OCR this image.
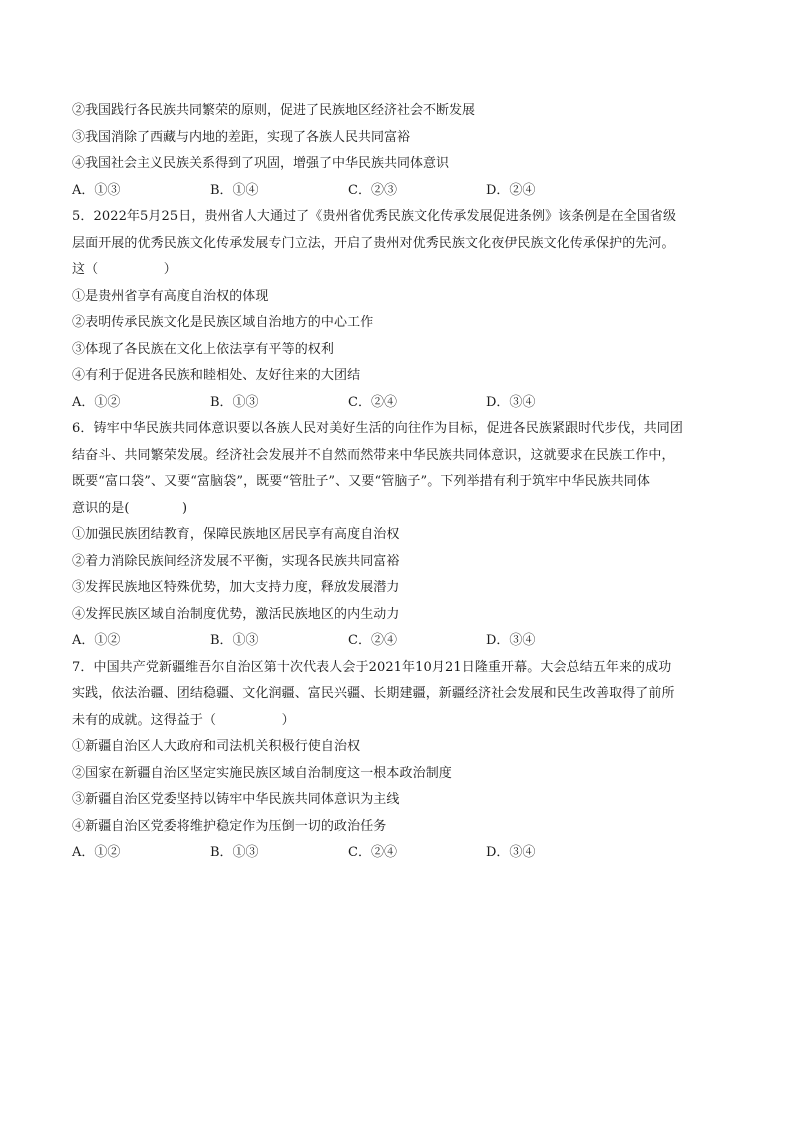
②我国践行各民族共同繁荣的原则，促进了民族地区经济社会不断发展
③我国消除了西藏与内地的差距，实现了各族人民共同富裕
④我国社会主义民族关系得到了巩固，增强了中华民族共同体意识
A．①③	B．①④	C．②③	D．②④
5．2022年5月25日，贵州省人大通过了《贵州省优秀民族文化传承发展促进条例》该条例是在全国省级
层面开展的优秀民族文化传承发展专门立法，开启了贵州对优秀民族文化夜伊民族文化传承保护的先河。
这（　　　　　）
①是贵州省享有高度自治权的体现
②表明传承民族文化是民族区域自治地方的中心工作
③体现了各民族在文化上依法享有平等的权利
④有利于促进各民族和睦相处、友好往来的大团结
A．①②	B．①③	C．②④	D．③④
6．铸牢中华民族共同体意识要以各族人民对美好生活的向往作为目标，促进各民族紧跟时代步伐，共同团
结奋斗、共同繁荣发展。经济社会发展并不自然而然带来中华民族共同体意识，这就要求在民族工作中，
既要“富口袋”、又要“富脑袋”，既要“管肚子”、又要“管脑子”。下列举措有利于筑牢中华民族共同体
意识的是(　　　　)
①加强民族团结教育，保障民族地区居民享有高度自治权
②着力消除民族间经济发展不平衡，实现各民族共同富裕
③发挥民族地区特殊优势，加大支持力度，释放发展潜力
④发挥民族区域自治制度优势，激活民族地区的内生动力
A．①②	B．①③	C．②④	D．③④
7．中国共产党新疆维吾尔自治区第十次代表人会于2021年10月21日隆重开幕。大会总结五年来的成功
实践，依法治疆、团结稳疆、文化润疆、富民兴疆、长期建疆，新疆经济社会发展和民生改善取得了前所
未有的成就。这得益于（　　　　　）
①新疆自治区人大政府和司法机关积极行使自治权
②国家在新疆自治区坚定实施民族区域自治制度这一根本政治制度
③新疆自治区党委坚持以铸牢中华民族共同体意识为主线
④新疆自治区党委将维护稳定作为压倒一切的政治任务
A．①②	B．①③	C．②④	D．③④
